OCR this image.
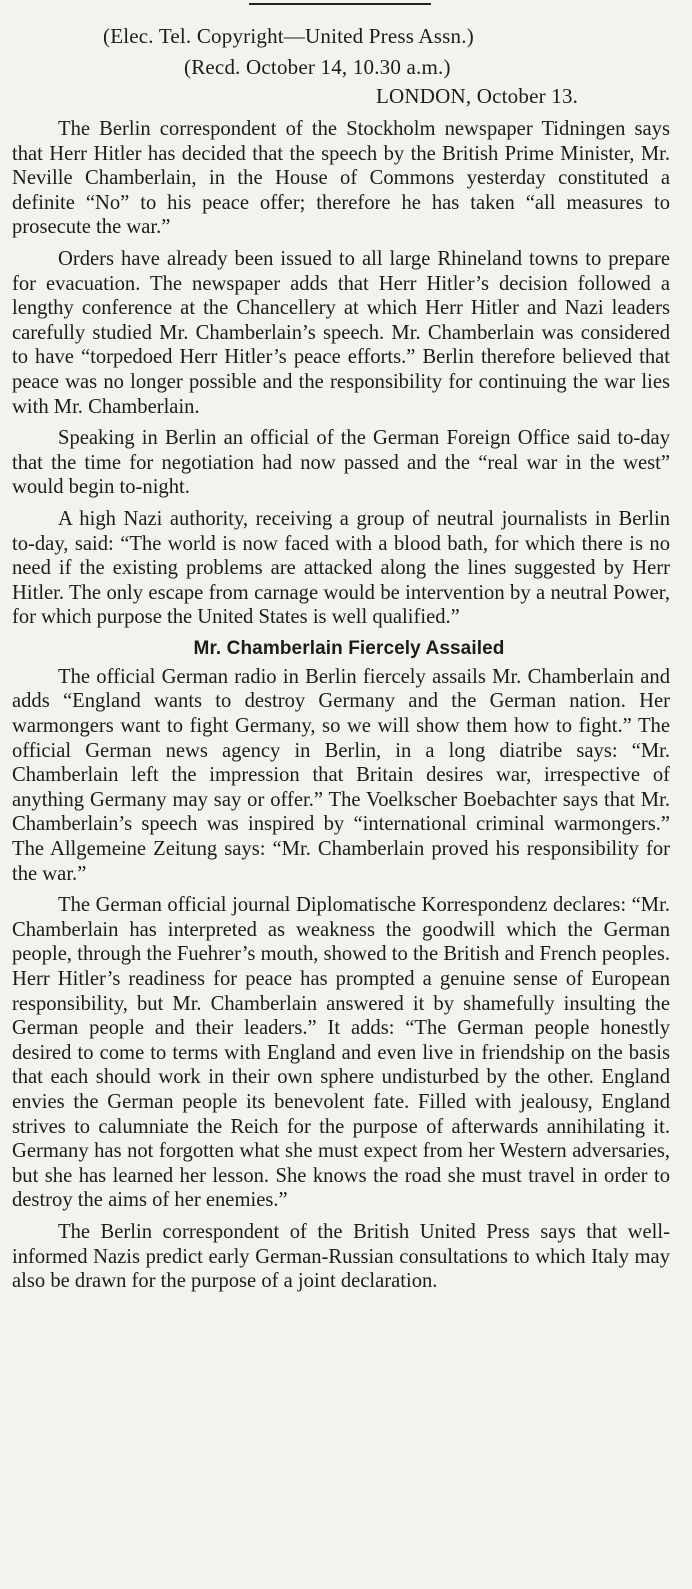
(Elec. Tel. Copyright—United Press Assn.)
(Recd. October 14, 10.30 a.m.)
LONDON, October 13.

The Berlin correspondent of the Stockholm newspaper Tidningen says that Herr Hitler has decided that the speech by the British Prime Minister, Mr. Neville Chamberlain, in the House of Commons yesterday constituted a definite “No” to his peace offer; therefore he has taken “all measures to prosecute the war.”

Orders have already been issued to all large Rhineland towns to prepare for evacuation. The newspaper adds that Herr Hitler’s decision followed a lengthy conference at the Chancellery at which Herr Hitler and Nazi leaders carefully studied Mr. Chamberlain’s speech. Mr. Chamberlain was considered to have “torpedoed Herr Hitler’s peace efforts.” Berlin therefore believed that peace was no longer possible and the responsibility for continuing the war lies with Mr. Chamberlain.

Speaking in Berlin an official of the German Foreign Office said to-day that the time for negotiation had now passed and the “real war in the west” would begin to-night.

A high Nazi authority, receiving a group of neutral journalists in Berlin to-day, said: “The world is now faced with a blood bath, for which there is no need if the existing problems are attacked along the lines suggested by Herr Hitler. The only escape from carnage would be intervention by a neutral Power, for which purpose the United States is well qualified.”

Mr. Chamberlain Fiercely Assailed

The official German radio in Berlin fiercely assails Mr. Chamberlain and adds “England wants to destroy Germany and the German nation. Her warmongers want to fight Germany, so we will show them how to fight.” The official German news agency in Berlin, in a long diatribe says: “Mr. Chamberlain left the impression that Britain desires war, irrespective of anything Germany may say or offer.” The Voelkscher Boebachter says that Mr. Chamberlain’s speech was inspired by “international criminal warmongers.” The Allgemeine Zeitung says: “Mr. Chamberlain proved his responsibility for the war.”

The German official journal Diplomatische Korrespondenz declares: “Mr. Chamberlain has interpreted as weakness the goodwill which the German people, through the Fuehrer’s mouth, showed to the British and French peoples. Herr Hitler’s readiness for peace has prompted a genuine sense of European responsibility, but Mr. Chamberlain answered it by shamefully insulting the German people and their leaders.” It adds: “The German people honestly desired to come to terms with England and even live in friendship on the basis that each should work in their own sphere undisturbed by the other. England envies the German people its benevolent fate. Filled with jealousy, England strives to calumniate the Reich for the purpose of afterwards annihilating it. Germany has not forgotten what she must expect from her Western adversaries, but she has learned her lesson. She knows the road she must travel in order to destroy the aims of her enemies.”

The Berlin correspondent of the British United Press says that well-informed Nazis predict early German-Russian consultations to which Italy may also be drawn for the purpose of a joint declaration.
